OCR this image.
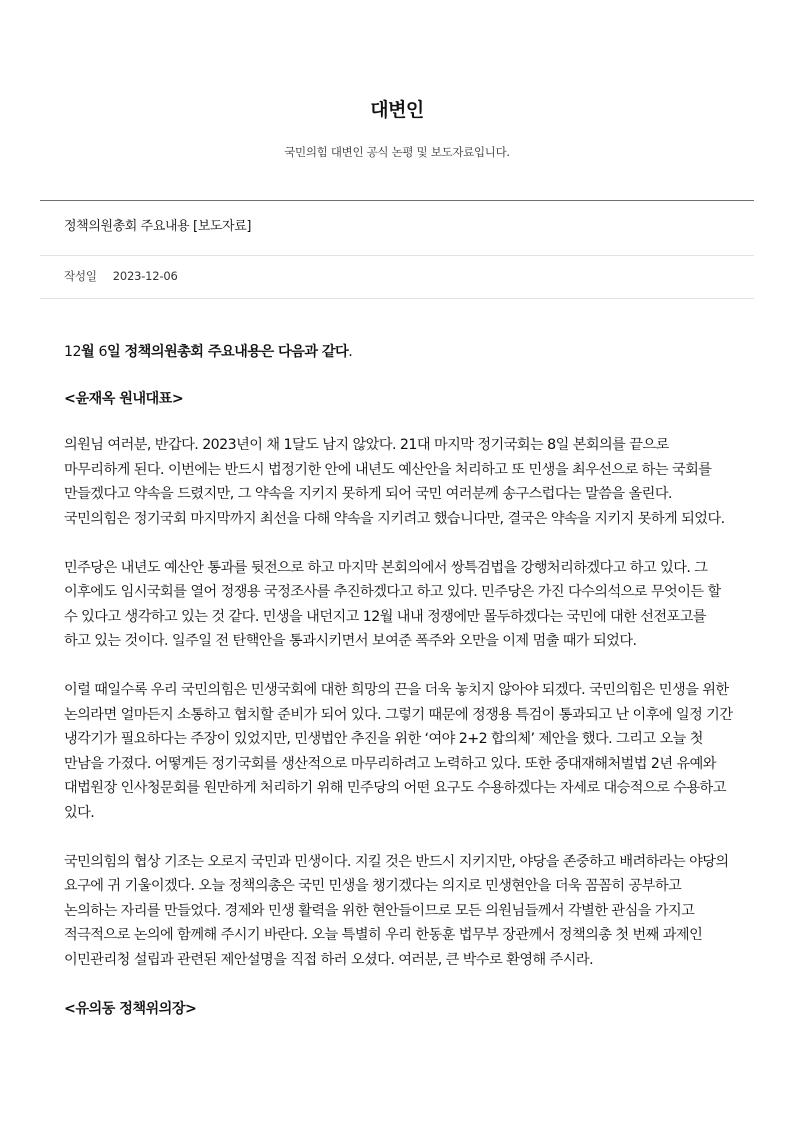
대변인
국민의힘 대변인 공식 논평 및 보도자료입니다.
정책의원총회 주요내용 [보도자료]
작성일 2023-12-06

12월 6일 정책의원총회 주요내용은 다음과 같다.

<윤재옥 원내대표>

의원님 여러분, 반갑다. 2023년이 채 1달도 남지 않았다. 21대 마지막 정기국회는 8일 본회의를 끝으로 마무리하게 된다. 이번에는 반드시 법정기한 안에 내년도 예산안을 처리하고 또 민생을 최우선으로 하는 국회를 만들겠다고 약속을 드렸지만, 그 약속을 지키지 못하게 되어 국민 여러분께 송구스럽다는 말씀을 올린다. 국민의힘은 정기국회 마지막까지 최선을 다해 약속을 지키려고 했습니다만, 결국은 약속을 지키지 못하게 되었다.

민주당은 내년도 예산안 통과를 뒷전으로 하고 마지막 본회의에서 쌍특검법을 강행처리하겠다고 하고 있다. 그 이후에도 임시국회를 열어 정쟁용 국정조사를 추진하겠다고 하고 있다. 민주당은 가진 다수의석으로 무엇이든 할 수 있다고 생각하고 있는 것 같다. 민생을 내던지고 12월 내내 정쟁에만 몰두하겠다는 국민에 대한 선전포고를 하고 있는 것이다. 일주일 전 탄핵안을 통과시키면서 보여준 폭주와 오만을 이제 멈출 때가 되었다.

이럴 때일수록 우리 국민의힘은 민생국회에 대한 희망의 끈을 더욱 놓치지 않아야 되겠다. 국민의힘은 민생을 위한 논의라면 얼마든지 소통하고 협치할 준비가 되어 있다. 그렇기 때문에 정쟁용 특검이 통과되고 난 이후에 일정 기간 냉각기가 필요하다는 주장이 있었지만, 민생법안 추진을 위한 ‘여야 2+2 합의체’ 제안을 했다. 그리고 오늘 첫 만남을 가졌다. 어떻게든 정기국회를 생산적으로 마무리하려고 노력하고 있다. 또한 중대재해처벌법 2년 유예와 대법원장 인사청문회를 원만하게 처리하기 위해 민주당의 어떤 요구도 수용하겠다는 자세로 대승적으로 수용하고 있다.

국민의힘의 협상 기조는 오로지 국민과 민생이다. 지킬 것은 반드시 지키지만, 야당을 존중하고 배려하라는 야당의 요구에 귀 기울이겠다. 오늘 정책의총은 국민 민생을 챙기겠다는 의지로 민생현안을 더욱 꼼꼼히 공부하고 논의하는 자리를 만들었다. 경제와 민생 활력을 위한 현안들이므로 모든 의원님들께서 각별한 관심을 가지고 적극적으로 논의에 함께해 주시기 바란다. 오늘 특별히 우리 한동훈 법무부 장관께서 정책의총 첫 번째 과제인 이민관리청 설립과 관련된 제안설명을 직접 하러 오셨다. 여러분, 큰 박수로 환영해 주시라.

<유의동 정책위의장>
